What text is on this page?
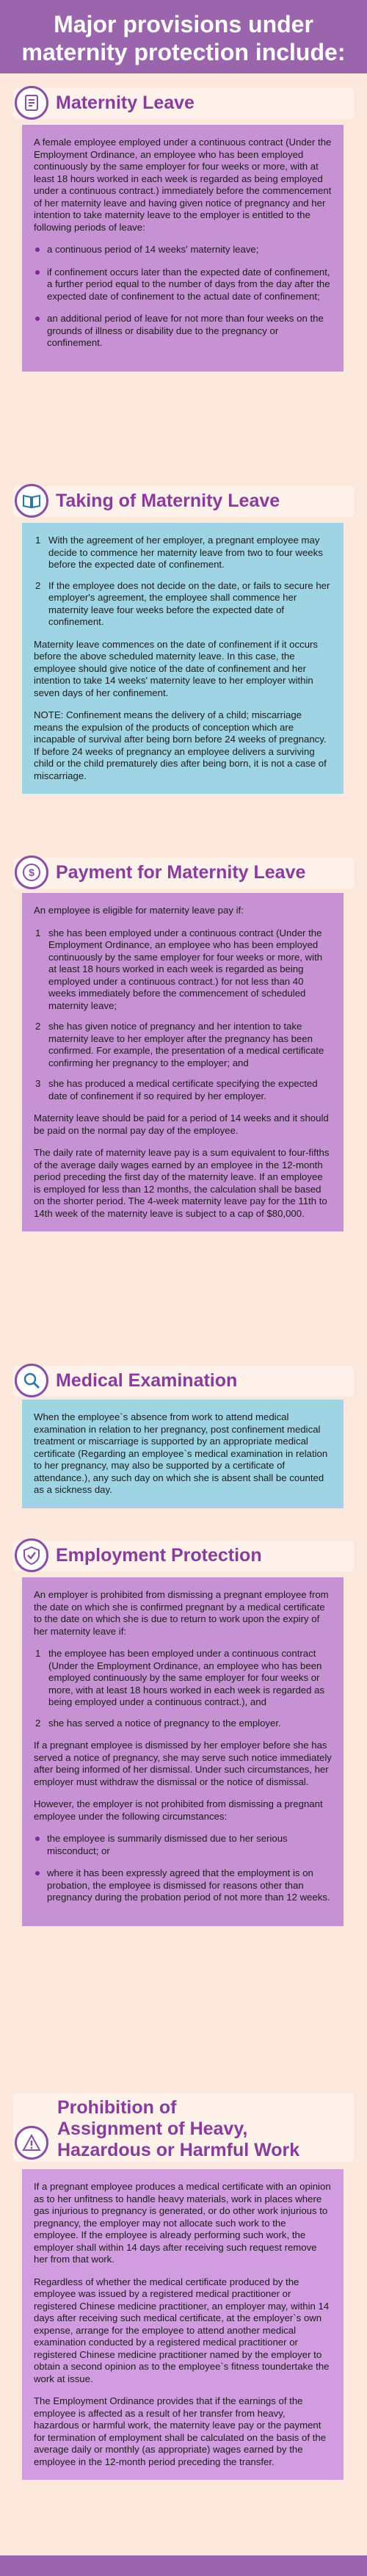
Major provisions under
maternity protection include:
Maternity Leave

A female employee employed under a continuous contract (Under the Employment Ordinance, an employee who has been employed continuously by the same employer for four weeks or more, with at least 18 hours worked in each week is regarded as being employed under a continuous contract.) immediately before the commencement of her maternity leave and having given notice of pregnancy and her intention to take maternity leave to the employer is entitled to the following periods of leave:

a continuous period of 14 weeks' maternity leave;
if confinement occurs later than the expected date of confinement, a further period equal to the number of days from the day after the expected date of confinement to the actual date of confinement;
an additional period of leave for not more than four weeks on the grounds of illness or disability due to the pregnancy or confinement.
Taking of Maternity Leave
1 With the agreement of her employer, a pregnant employee may decide to commence her maternity leave from two to four weeks before the expected date of confinement.
2 If the employee does not decide on the date, or fails to secure her employer's agreement, the employee shall commence her maternity leave four weeks before the expected date of confinement.

Maternity leave commences on the date of confinement if it occurs before the above scheduled maternity leave. In this case, the employee should give notice of the date of confinement and her intention to take 14 weeks' maternity leave to her employer within seven days of her confinement.

NOTE: Confinement means the delivery of a child; miscarriage means the expulsion of the products of conception which are incapable of survival after being born before 24 weeks of pregnancy. If before 24 weeks of pregnancy an employee delivers a surviving child or the child prematurely dies after being born, it is not a case of miscarriage.

$ Payment for Maternity Leave

An employee is eligible for maternity leave pay if:

1 she has been employed under a continuous contract (Under the Employment Ordinance, an employee who has been employed continuously by the same employer for four weeks or more, with at least 18 hours worked in each week is regarded as being employed under a continuous contract.) for not less than 40 weeks immediately before the commencement of scheduled maternity leave;
2 she has given notice of pregnancy and her intention to take maternity leave to her employer after the pregnancy has been confirmed. For example, the presentation of a medical certificate confirming her pregnancy to the employer; and
3 she has produced a medical certificate specifying the expected date of confinement if so required by her employer.

Maternity leave should be paid for a period of 14 weeks and it should be paid on the normal pay day of the employee.

The daily rate of maternity leave pay is a sum equivalent to four-fifths of the average daily wages earned by an employee in the 12-month period preceding the first day of the maternity leave. If an employee is employed for less than 12 months, the calculation shall be based on the shorter period. The 4-week maternity leave pay for the 11th to 14th week of the maternity leave is subject to a cap of $80,000.

Medical Examination

When the employee`s absence from work to attend medical examination in relation to her pregnancy, post confinement medical treatment or miscarriage is supported by an appropriate medical certificate (Regarding an employee`s medical examination in relation to her pregnancy, may also be supported by a certificate of attendance.), any such day on which she is absent shall be counted as a sickness day.

Employment Protection

An employer is prohibited from dismissing a pregnant employee from the date on which she is confirmed pregnant by a medical certificate to the date on which she is due to return to work upon the expiry of her maternity leave if:

1 the employee has been employed under a continuous contract (Under the Employment Ordinance, an employee who has been employed continuously by the same employer for four weeks or more, with at least 18 hours worked in each week is regarded as being employed under a continuous contract.), and
2 she has served a notice of pregnancy to the employer.

If a pregnant employee is dismissed by her employer before she has served a notice of pregnancy, she may serve such notice immediately after being informed of her dismissal. Under such circumstances, her employer must withdraw the dismissal or the notice of dismissal.

However, the employer is not prohibited from dismissing a pregnant employee under the following circumstances:

the employee is summarily dismissed due to her serious misconduct; or
where it has been expressly agreed that the employment is on probation, the employee is dismissed for reasons other than pregnancy during the probation period of not more than 12 weeks.
Prohibition of
Assignment of Heavy,
Hazardous or Harmful Work

If a pregnant employee produces a medical certificate with an opinion as to her unfitness to handle heavy materials, work in places where gas injurious to pregnancy is generated, or do other work injurious to pregnancy, the employer may not allocate such work to the employee. If the employee is already performing such work, the employer shall within 14 days after receiving such request remove her from that work.

Regardless of whether the medical certificate produced by the employee was issued by a registered medical practitioner or registered Chinese medicine practitioner, an employer may, within 14 days after receiving such medical certificate, at the employer`s own expense, arrange for the employee to attend another medical examination conducted by a registered medical practitioner or registered Chinese medicine practitioner named by the employer to obtain a second opinion as to the employee`s fitness toundertake the work at issue.

The Employment Ordinance provides that if the earnings of the employee is affected as a result of her transfer from heavy, hazardous or harmful work, the maternity leave pay or the payment for termination of employment shall be calculated on the basis of the average daily or monthly (as appropriate) wages earned by the employee in the 12-month period preceding the transfer.
